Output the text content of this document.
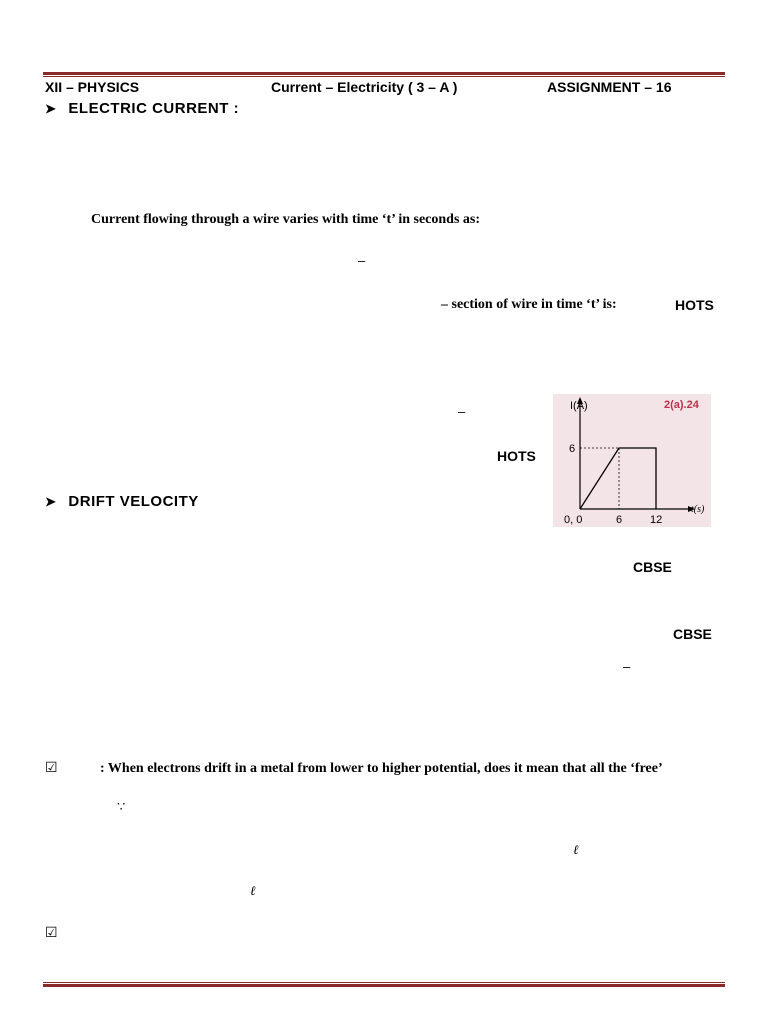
XII – PHYSICS	Current – Electricity ( 3 – A )	ASSIGNMENT – 16
➤ ELECTRIC CURRENT :
Current flowing through a wire varies with time ‘t’ in seconds as:
–
– section of wire in time ‘t’ is:	HOTS
–
HOTS
I(A)	2(a).24
6
0, 0	6	12
t(s)
➤ DRIFT VELOCITY
CBSE
CBSE
–
☑	: When electrons drift in a metal from lower to higher potential, does it mean that all the ‘free’
∵
ℓ
ℓ
☑
